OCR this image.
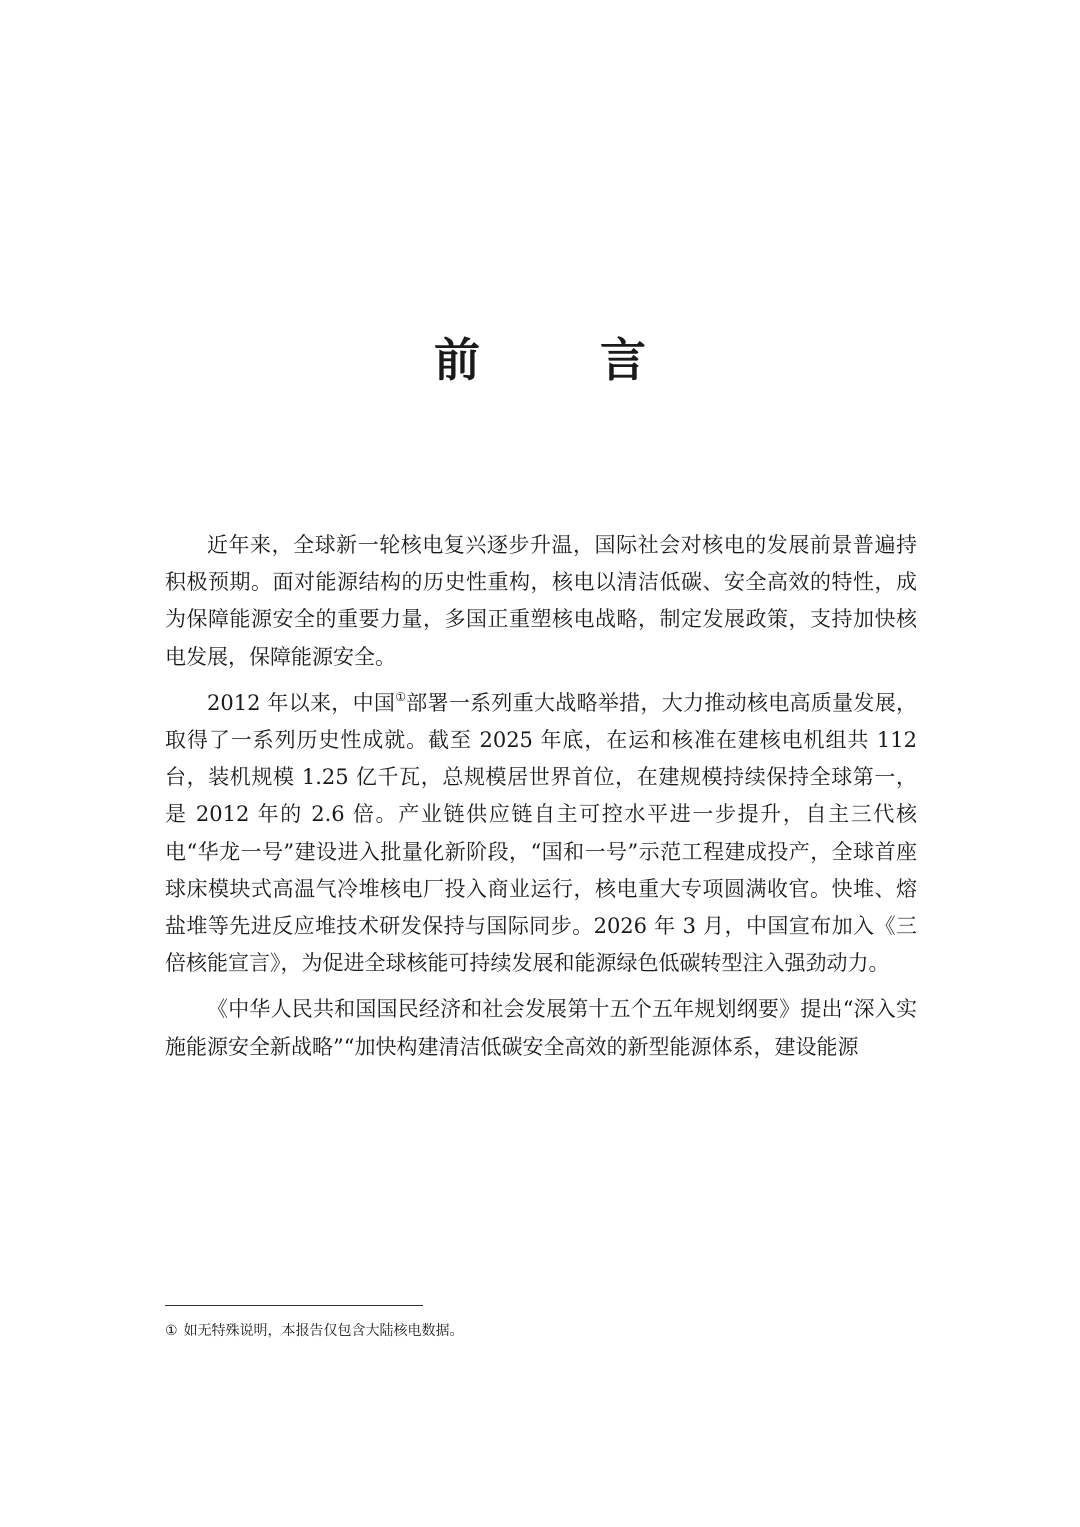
前 言

近年来，全球新一轮核电复兴逐步升温，国际社会对核电的发展前景普遍持积极预期。面对能源结构的历史性重构，核电以清洁低碳、安全高效的特性，成为保障能源安全的重要力量，多国正重塑核电战略，制定发展政策，支持加快核电发展，保障能源安全。

2012 年以来，中国①部署一系列重大战略举措，大力推动核电高质量发展，取得了一系列历史性成就。截至 2025 年底，在运和核准在建核电机组共 112 台，装机规模 1.25 亿千瓦，总规模居世界首位，在建规模持续保持全球第一，是 2012 年的 2.6 倍。产业链供应链自主可控水平进一步提升，自主三代核电“华龙一号”建设进入批量化新阶段，“国和一号”示范工程建成投产，全球首座球床模块式高温气冷堆核电厂投入商业运行，核电重大专项圆满收官。快堆、熔盐堆等先进反应堆技术研发保持与国际同步。2026 年 3 月，中国宣布加入《三倍核能宣言》，为促进全球核能可持续发展和能源绿色低碳转型注入强劲动力。

《中华人民共和国国民经济和社会发展第十五个五年规划纲要》提出“深入实施能源安全新战略”“加快构建清洁低碳安全高效的新型能源体系，建设能源

① 如无特殊说明，本报告仅包含大陆核电数据。
